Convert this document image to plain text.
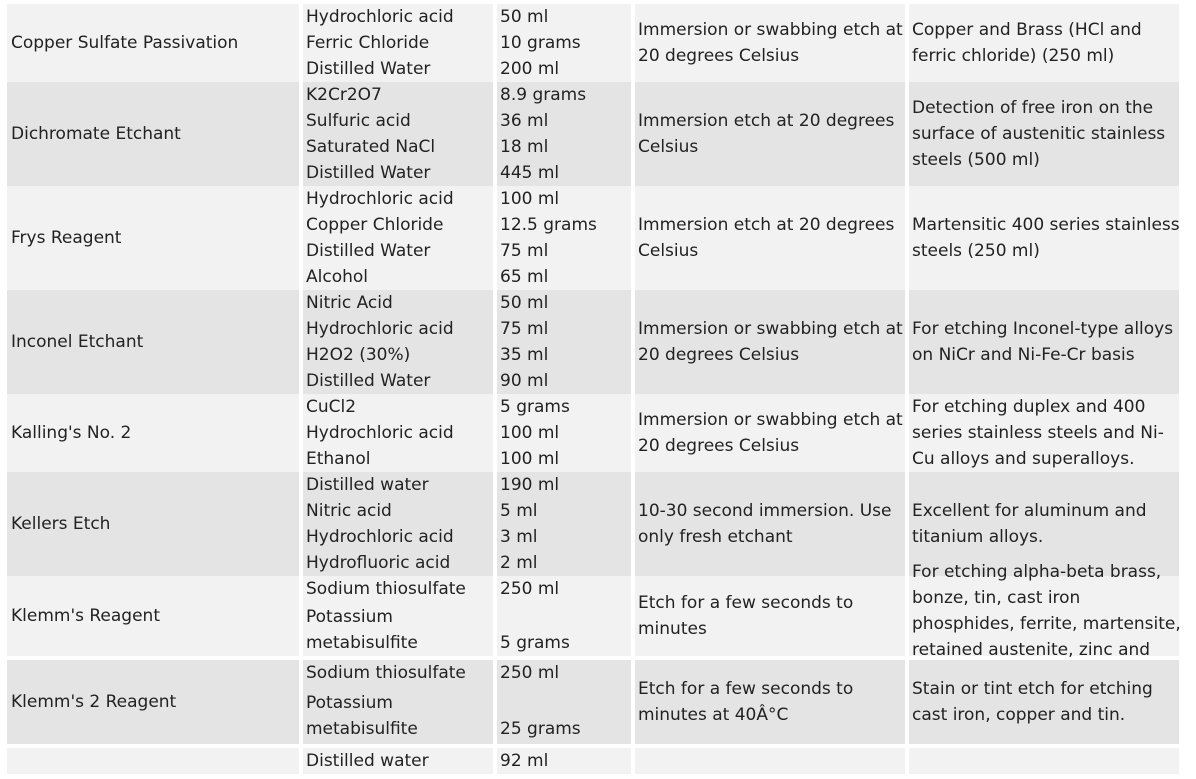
Copper Sulfate Passivation
Hydrochloric acid
Ferric Chloride
Distilled Water
50 ml
10 grams
200 ml
Immersion or swabbing etch at
20 degrees Celsius
Copper and Brass (HCl and
ferric chloride) (250 ml)
Dichromate Etchant
K2Cr2O7
Sulfuric acid
Saturated NaCl
Distilled Water
8.9 grams
36 ml
18 ml
445 ml
Immersion etch at 20 degrees
Celsius
Detection of free iron on the
surface of austenitic stainless
steels (500 ml)
Frys Reagent
Hydrochloric acid
Copper Chloride
Distilled Water
Alcohol
100 ml
12.5 grams
75 ml
65 ml
Immersion etch at 20 degrees
Celsius
Martensitic 400 series stainless
steels (250 ml)
Inconel Etchant
Nitric Acid
Hydrochloric acid
H2O2 (30%)
Distilled Water
50 ml
75 ml
35 ml
90 ml
Immersion or swabbing etch at
20 degrees Celsius
For etching Inconel-type alloys
on NiCr and Ni-Fe-Cr basis
Kalling's No. 2
CuCl2
Hydrochloric acid
Ethanol
5 grams
100 ml
100 ml
Immersion or swabbing etch at
20 degrees Celsius
For etching duplex and 400
series stainless steels and Ni-
Cu alloys and superalloys.
Kellers Etch
Distilled water
Nitric acid
Hydrochloric acid
Hydrofluoric acid
190 ml
5 ml
3 ml
2 ml
10-30 second immersion. Use
only fresh etchant
Excellent for aluminum and
titanium alloys.
Klemm's Reagent
Sodium thiosulfate
Potassium
metabisulfite
250 ml
5 grams
Etch for a few seconds to
minutes
For etching alpha-beta brass,
bonze, tin, cast iron
phosphides, ferrite, martensite,
retained austenite, zinc and
Klemm's 2 Reagent
Sodium thiosulfate
Potassium
metabisulfite
250 ml
25 grams
Etch for a few seconds to
minutes at 40Â°C
Stain or tint etch for etching
cast iron, copper and tin.
Distilled water	92 ml
